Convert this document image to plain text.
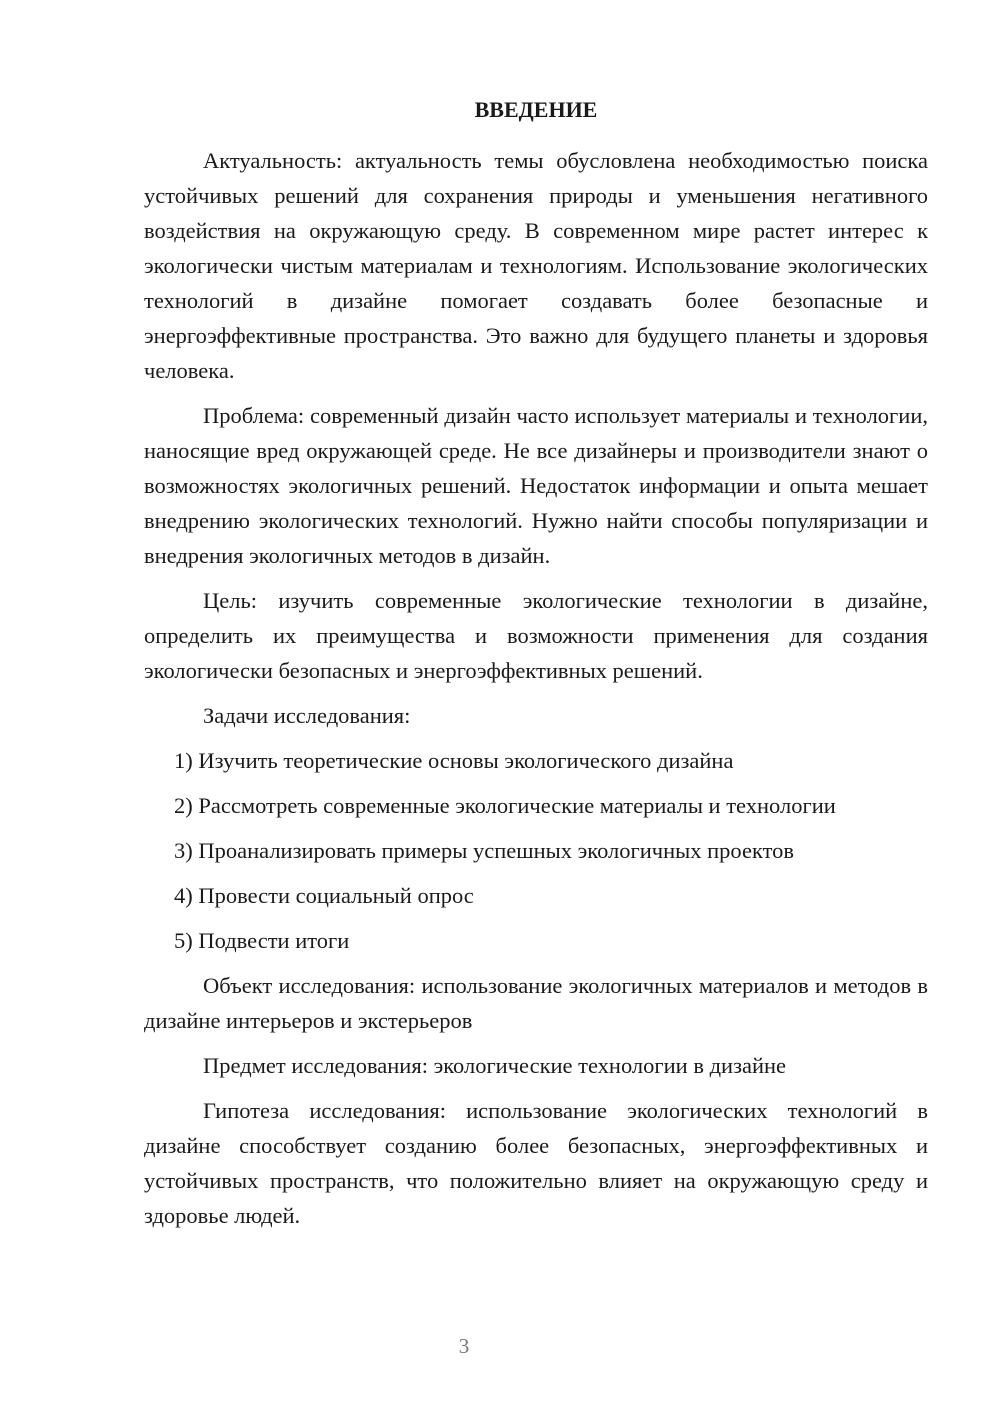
ВВЕДЕНИЕ

Актуальность: актуальность темы обусловлена необходимостью поиска устойчивых решений для сохранения природы и уменьшения негативного воздействия на окружающую среду. В современном мире растет интерес к экологически чистым материалам и технологиям. Использование экологических технологий в дизайне помогает создавать более безопасные и энергоэффективные пространства. Это важно для будущего планеты и здоровья человека.

Проблема: современный дизайн часто использует материалы и технологии, наносящие вред окружающей среде. Не все дизайнеры и производители знают о возможностях экологичных решений. Недостаток информации и опыта мешает внедрению экологических технологий. Нужно найти способы популяризации и внедрения экологичных методов в дизайн.

Цель: изучить современные экологические технологии в дизайне, определить их преимущества и возможности применения для создания экологически безопасных и энергоэффективных решений.

Задачи исследования:

1) Изучить теоретические основы экологического дизайна
2) Рассмотреть современные экологические материалы и технологии
3) Проанализировать примеры успешных экологичных проектов
4) Провести социальный опрос
5) Подвести итоги

Объект исследования: использование экологичных материалов и методов в дизайне интерьеров и экстерьеров

Предмет исследования: экологические технологии в дизайне

Гипотеза исследования: использование экологических технологий в дизайне способствует созданию более безопасных, энергоэффективных и устойчивых пространств, что положительно влияет на окружающую среду и здоровье людей.

3
